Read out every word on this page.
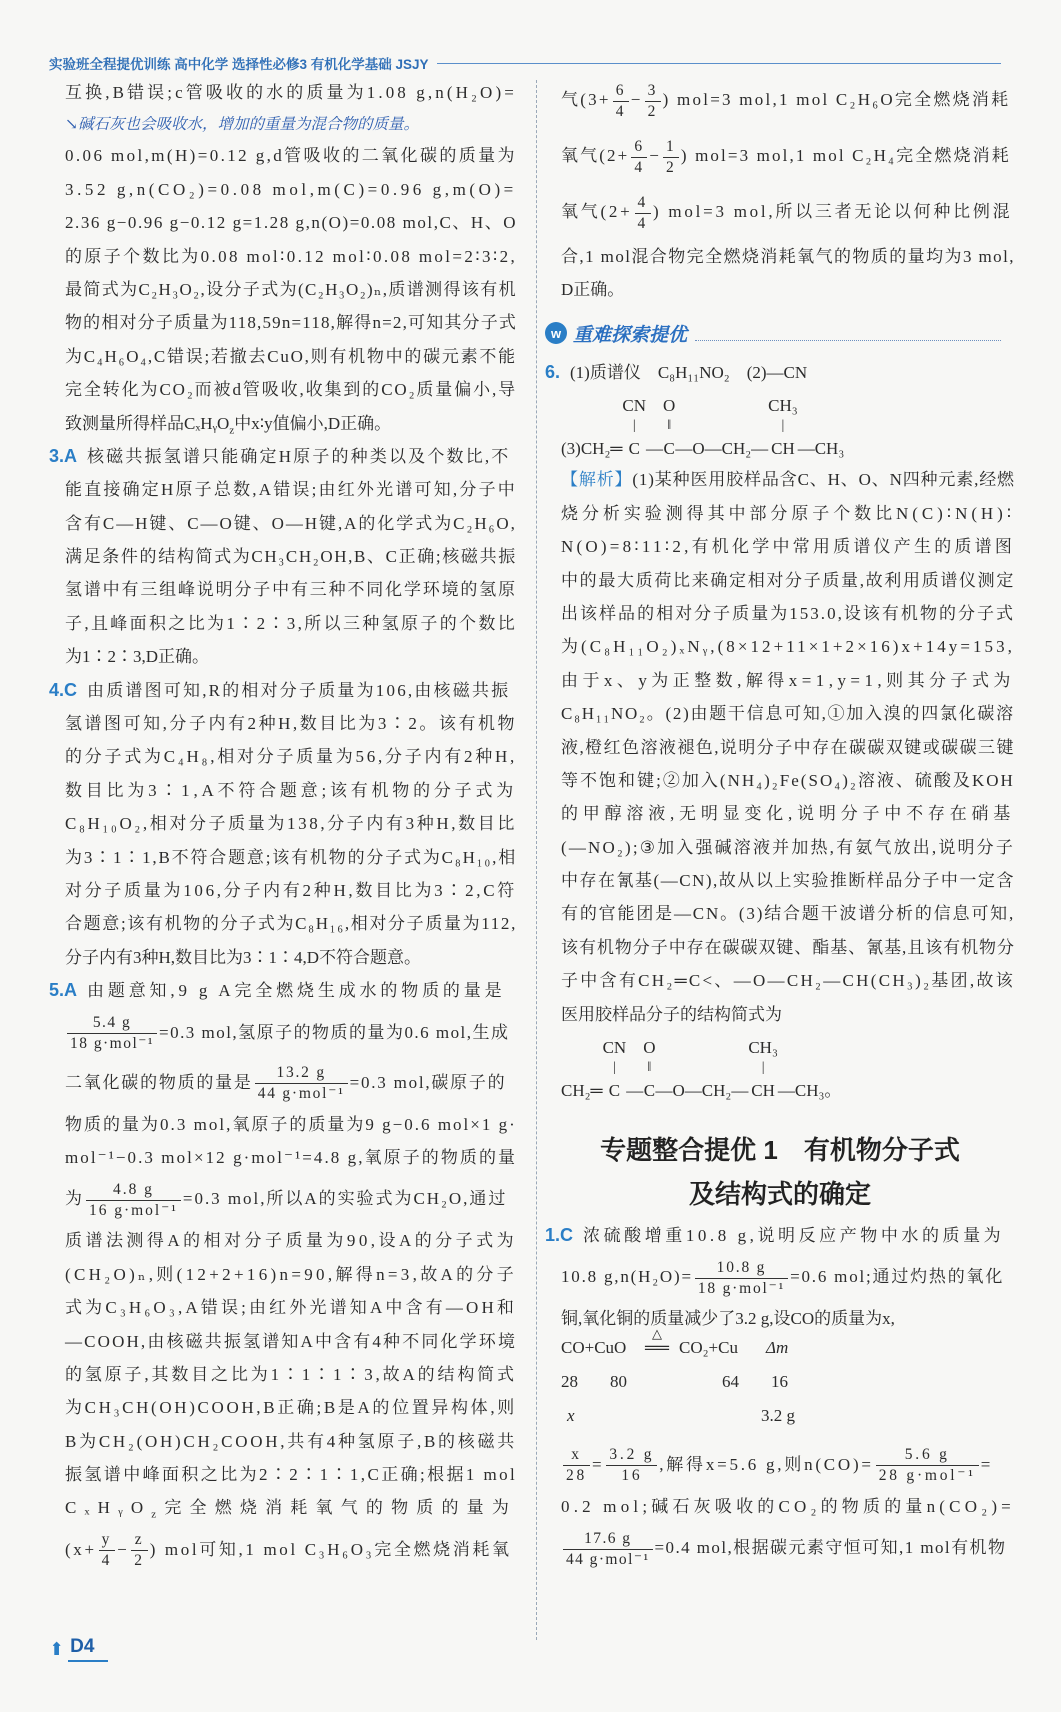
实验班全程提优训练 高中化学 选择性必修3 有机化学基础 JSJY
互换,B错误;c管吸收的水的质量为1.08 g,n(H₂O)=
↘碱石灰也会吸收水，增加的重量为混合物的质量。
0.06 mol,m(H)=0.12 g,d管吸收的二氧化碳的质量为
3.52 g,n(CO₂)=0.08 mol,m(C)=0.96 g,m(O)=
2.36 g−0.96 g−0.12 g=1.28 g,n(O)=0.08 mol,C、H、O
的原子个数比为0.08 mol∶0.12 mol∶0.08 mol=2∶3∶2,
最简式为C₂H₃O₂,设分子式为(C₂H₃O₂)ₙ,质谱测得该有机
物的相对分子质量为118,59n=118,解得n=2,可知其分子式
为C₄H₆O₄,C错误;若撤去CuO,则有机物中的碳元素不能
完全转化为CO₂而被d管吸收,收集到的CO₂质量偏小,导
致测量所得样品CₓHᵧO$_z$中x∶y值偏小,D正确。
3.A 核磁共振氢谱只能确定H原子的种类以及个数比,不
能直接确定H原子总数,A错误;由红外光谱可知,分子中
含有C—H键、C—O键、O—H键,A的化学式为C₂H₆O,
满足条件的结构简式为CH₃CH₂OH,B、C正确;核磁共振
氢谱中有三组峰说明分子中有三种不同化学环境的氢原
子,且峰面积之比为1∶2∶3,所以三种氢原子的个数比
为1∶2∶3,D正确。
4.C 由质谱图可知,R的相对分子质量为106,由核磁共振
氢谱图可知,分子内有2种H,数目比为3∶2。该有机物
的分子式为C₄H₈,相对分子质量为56,分子内有2种H,
数目比为3∶1,A不符合题意;该有机物的分子式为
C₈H₁₀O₂,相对分子质量为138,分子内有3种H,数目比
为3∶1∶1,B不符合题意;该有机物的分子式为C₈H₁₀,相
对分子质量为106,分子内有2种H,数目比为3∶2,C符
合题意;该有机物的分子式为C₈H₁₆,相对分子质量为112,
分子内有3种H,数目比为3∶1∶4,D不符合题意。
5.A 由题意知,9 g A完全燃烧生成水的物质的量是
$\frac{5.4 g}{\text{18 g·mol⁻¹}} =0.3$ mol,氢原子的物质的量为0.6 mol,生成
二氧化碳的物质的量是 $\frac{13.2 g}{\text{44 g·mol⁻¹}} =0.3$ mol,碳原子的
物质的量为0.3 mol,氧原子的质量为9 g−0.6 mol×1 g·
mol⁻¹−0.3 mol×12 g·mol⁻¹=4.8 g,氧原子的物质的量
为 $\frac{4.8 g}{\text{16 g·mol⁻¹}} =0.3$ mol,所以A的实验式为CH₂O,通过
质谱法测得A的相对分子质量为90,设A的分子式为
(CH₂O)ₙ,则(12+2+16)n=90,解得n=3,故A的分子
式为C₃H₆O₃,A错误;由红外光谱知A中含有—OH和
—COOH,由核磁共振氢谱知A中含有4种不同化学环境
的氢原子,其数目之比为1∶1∶1∶3,故A的结构简式
为CH₃CH(OH)COOH,B正确;B是A的位置异构体,则
B为CH₂(OH)CH₂COOH,共有4种氢原子,B的核磁共
振氢谱中峰面积之比为2∶2∶1∶1,C正确;根据1 mol
CₓHᵧO$_z$完全燃烧消耗氧气的物质的量为
($x+ \frac{y}{4} - \frac{z}{2}$ ) mol可知,1 mol C₃H₆O₃完全燃烧消耗氧
气($3+ \frac{6}{4} - \frac{3}{2}$ ) mol=3 mol,1 mol C₂H₆O完全燃烧消耗
氧气($2+ \frac{6}{4} - \frac{1}{2}$ ) mol=3 mol,1 mol C₂H₄完全燃烧消耗
氧气($2+ \frac{4}{4}$ ) mol=3 mol,所以三者无论以何种比例混
合,1 mol混合物完全燃烧消耗氧气的物质的量均为3 mol,
D正确。
w 重难探索提优
6. (1)质谱仪　C₈H₁₁NO₂　(2)—CN
(3) CH₂ ═
CN
|
C —
O
‖
C — O — CH₂ —
CH₃
|
CH — CH₃
【解析】(1)某种医用胶样品含C、H、O、N四种元素,经燃
烧分析实验测得其中部分原子个数比N(C)∶N(H)∶
N(O)=8∶11∶2,有机化学中常用质谱仪产生的质谱图
中的最大质荷比来确定相对分子质量,故利用质谱仪测定
出该样品的相对分子质量为153.0,设该有机物的分子式
为(C₈H₁₁O₂)ₓNᵧ,(8×12+11×1+2×16)x+14y=153,
由于x、y为正整数,解得x=1,y=1,则其分子式为
C₈H₁₁NO₂。(2)由题干信息可知,①加入溴的四氯化碳溶
液,橙红色溶液褪色,说明分子中存在碳碳双键或碳碳三键
等不饱和键;②加入(NH₄)₂Fe(SO₄)₂溶液、硫酸及KOH
的甲醇溶液,无明显变化,说明分子中不存在硝基
(—NO₂);③加入强碱溶液并加热,有氨气放出,说明分子
中存在氰基(—CN),故从以上实验推断样品分子中一定含
有的官能团是—CN。(3)结合题干波谱分析的信息可知,
该有机物分子中存在碳碳双键、酯基、氰基,且该有机物分
子中含有CH₂═C<、—O—CH₂—CH(CH₃)₂基团,故该
医用胶样品分子的结构简式为
CH₂ ═
CN
|
C —
O
‖
C — O — CH₂ —
CH₃
|
CH — CH₃ 。
专题整合提优 1　有机物分子式
及结构式的确定
1.C 浓硫酸增重10.8 g,说明反应产物中水的质量为
10.8 $g,n(H_2O)= \frac{10.8 g}{\text{18 g·mol⁻¹}} =0.6$ mol;通过灼热的氧化
铜,氧化铜的质量减少了3.2 g,设CO的质量为x,
CO+CuO
△
══ CO₂+Cu Δm
28 80	64 16
x	3.2 g
$\frac{x}{28} = \frac{3.2 g}{16}$ ,解得x=5.6 g,则$n(CO)= \frac{5.6 g}{\text{28 g·mol⁻¹}}$ =
0.2 mol;碱石灰吸收的CO₂的物质的量n(CO₂)=
$\frac{17.6 g}{\text{44 g·mol⁻¹}} =0.4$ mol,根据碳元素守恒可知,1 mol有机物
⬆ D4
